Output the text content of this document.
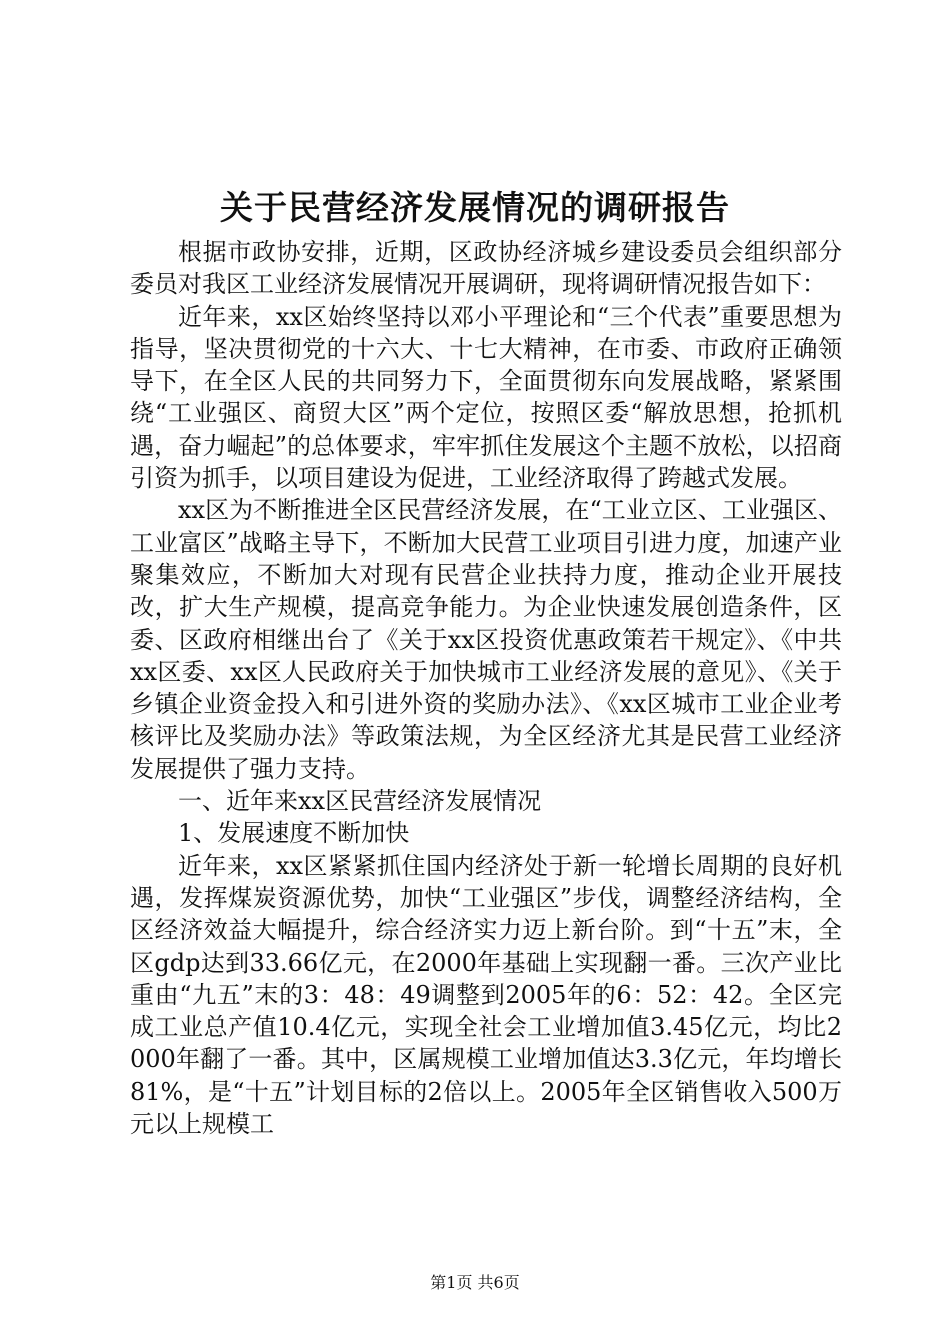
关于民营经济发展情况的调研报告

根据市政协安排，近期，区政协经济城乡建设委员会组织部分委员对我区工业经济发展情况开展调研，现将调研情况报告如下：

近年来，xx区始终坚持以邓小平理论和“三个代表”重要思想为指导，坚决贯彻党的十六大、十七大精神，在市委、市政府正确领导下，在全区人民的共同努力下，全面贯彻东向发展战略，紧紧围绕“工业强区、商贸大区”两个定位，按照区委“解放思想，抢抓机遇，奋力崛起”的总体要求，牢牢抓住发展这个主题不放松，以招商引资为抓手，以项目建设为促进，工业经济取得了跨越式发展。

xx区为不断推进全区民营经济发展，在“工业立区、工业强区、工业富区”战略主导下，不断加大民营工业项目引进力度，加速产业聚集效应，不断加大对现有民营企业扶持力度，推动企业开展技改，扩大生产规模，提高竞争能力。为企业快速发展创造条件，区委、区政府相继出台了《关于xx区投资优惠政策若干规定》、《中共xx区委、xx区人民政府关于加快城市工业经济发展的意见》、《关于乡镇企业资金投入和引进外资的奖励办法》、《xx区城市工业企业考核评比及奖励办法》等政策法规，为全区经济尤其是民营工业经济发展提供了强力支持。

一、近年来xx区民营经济发展情况

1、发展速度不断加快

近年来，xx区紧紧抓住国内经济处于新一轮增长周期的良好机遇，发挥煤炭资源优势，加快“工业强区”步伐，调整经济结构，全区经济效益大幅提升，综合经济实力迈上新台阶。到“十五”末，全区gdp达到33.66亿元，在2000年基础上实现翻一番。三次产业比重由“九五”末的3：48：49调整到2005年的6：52：42。全区完成工业总产值10.4亿元，实现全社会工业增加值3.45亿元，均比2000年翻了一番。其中，区属规模工业增加值达3.3亿元，年均增长81%，是“十五”计划目标的2倍以上。2005年全区销售收入500万元以上规模工

第1页 共6页
